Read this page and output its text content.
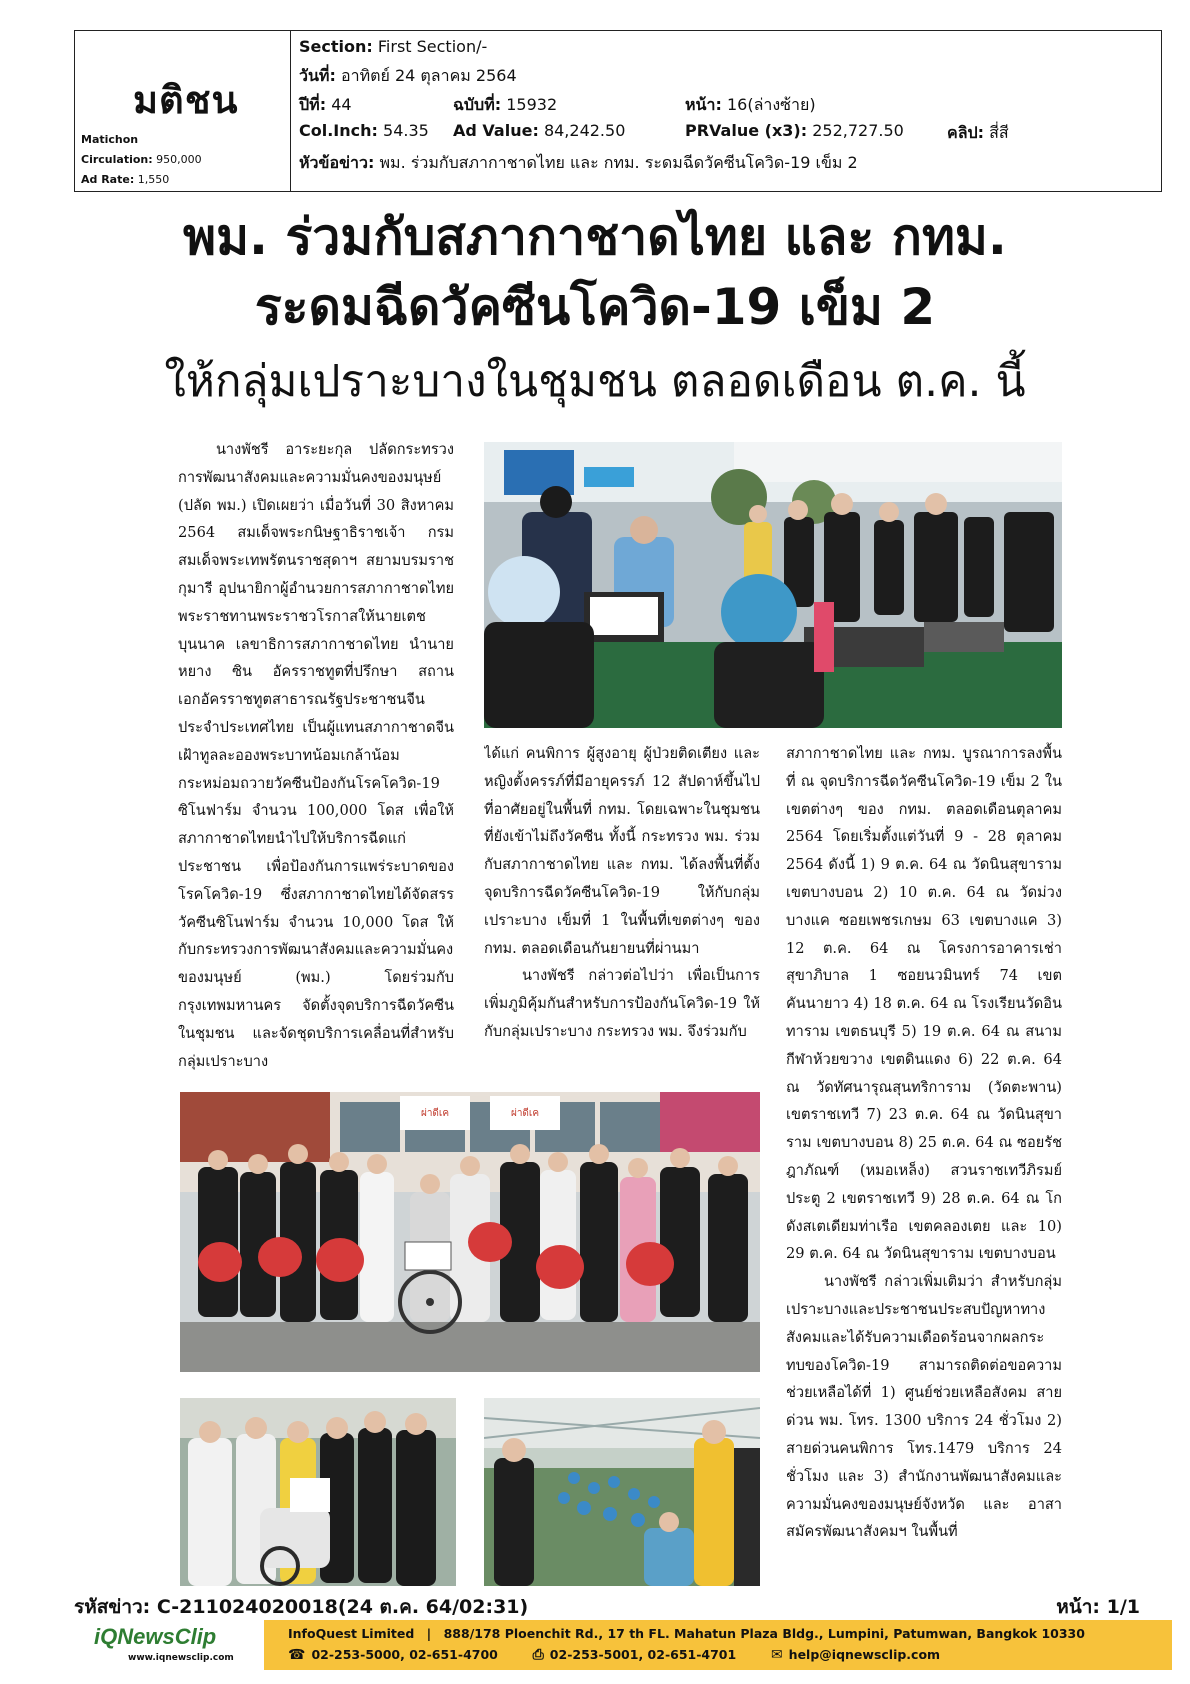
มติชน
Matichon
Circulation: 950,000
Ad Rate: 1,550
Section: First Section/-
วันที่: อาทิตย์ 24 ตุลาคม 2564
ปีที่: 44	ฉบับที่: 15932	หน้า: 16(ล่างซ้าย)
Col.Inch: 54.35 Ad Value: 84,242.50	PRValue (x3): 252,727.50	คลิป: สี่สี
หัวข้อข่าว: พม. ร่วมกับสภากาชาดไทย และ กทม. ระดมฉีดวัคซีนโควิด-19 เข็ม 2
พม. ร่วมกับสภากาชาดไทย และ กทม.
ระดมฉีดวัคซีนโควิด-19 เข็ม 2
ให้กลุ่มเปราะบางในชุมชน ตลอดเดือน ต.ค. นี้

นางพัชรี อาระยะกุล ปลัดกระทรวงการพัฒนาสังคมและความมั่นคงของมนุษย์ (ปลัด พม.) เปิดเผยว่า เมื่อวันที่ 30 สิงหาคม 2564 สมเด็จพระกนิษฐาธิราชเจ้า กรมสมเด็จพระเทพรัตนราชสุดาฯ สยามบรมราชกุมารี อุปนายิกาผู้อำนวยการสภากาชาดไทย พระราชทานพระราชวโรกาสให้นายเตช บุนนาค เลขาธิการสภากาชาดไทย นำนายหยาง ซิน อัครราชทูตที่ปรึกษา สถานเอกอัครราชทูตสาธารณรัฐประชาชนจีนประจำประเทศไทย เป็นผู้แทนสภากาชาดจีน เฝ้าทูลละอองพระบาทน้อมเกล้าน้อมกระหม่อมถวายวัคซีนป้องกันโรคโควิด-19 ซิโนฟาร์ม จำนวน 100,000 โดส เพื่อให้สภากาชาดไทยนำไปให้บริการฉีดแก่ประชาชน เพื่อป้องกันการแพร่ระบาดของโรคโควิด-19 ซึ่งสภากาชาดไทยได้จัดสรรวัคซีนซิโนฟาร์ม จำนวน 10,000 โดส ให้กับกระทรวงการพัฒนาสังคมและความมั่นคงของมนุษย์ (พม.) โดยร่วมกับกรุงเทพมหานคร จัดตั้งจุดบริการฉีดวัคซีนในชุมชน และจัดชุดบริการเคลื่อนที่สำหรับกลุ่มเปราะบาง

ได้แก่ คนพิการ ผู้สูงอายุ ผู้ป่วยติดเตียง และหญิงตั้งครรภ์ที่มีอายุครรภ์ 12 สัปดาห์ขึ้นไป ที่อาศัยอยู่ในพื้นที่ กทม. โดยเฉพาะในชุมชนที่ยังเข้าไม่ถึงวัคซีน ทั้งนี้ กระทรวง พม. ร่วมกับสภากาชาดไทย และ กทม. ได้ลงพื้นที่ตั้งจุดบริการฉีดวัคซีนโควิด-19 ให้กับกลุ่มเปราะบาง เข็มที่ 1 ในพื้นที่เขตต่างๆ ของ กทม. ตลอดเดือนกันยายนที่ผ่านมา

นางพัชรี กล่าวต่อไปว่า เพื่อเป็นการเพิ่มภูมิคุ้มกันสำหรับการป้องกันโควิด-19 ให้กับกลุ่มเปราะบาง กระทรวง พม. จึงร่วมกับ

สภากาชาดไทย และ กทม. บูรณาการลงพื้นที่ ณ จุดบริการฉีดวัคซีนโควิด-19 เข็ม 2 ในเขตต่างๆ ของ กทม. ตลอดเดือนตุลาคม 2564 โดยเริ่มตั้งแต่วันที่ 9 - 28 ตุลาคม 2564 ดังนี้ 1) 9 ต.ค. 64 ณ วัดนินสุขาราม เขตบางบอน 2) 10 ต.ค. 64 ณ วัดม่วง บางแค ซอยเพชรเกษม 63 เขตบางแค 3) 12 ต.ค. 64 ณ โครงการอาคารเช่าสุขาภิบาล 1 ซอยนวมินทร์ 74 เขตคันนายาว 4) 18 ต.ค. 64 ณ โรงเรียนวัดอินทาราม เขตธนบุรี 5) 19 ต.ค. 64 ณ สนามกีฬาห้วยขวาง เขตดินแดง 6) 22 ต.ค. 64 ณ วัดทัศนารุณสุนทริการาม (วัดตะพาน) เขตราชเทวี 7) 23 ต.ค. 64 ณ วัดนินสุขาราม เขตบางบอน 8) 25 ต.ค. 64 ณ ซอยรัชฎาภัณฑ์ (หมอเหล็ง) สวนราชเทวีภิรมย์ประตู 2 เขตราชเทวี 9) 28 ต.ค. 64 ณ โกดังสเตเดียมท่าเรือ เขตคลองเตย และ 10) 29 ต.ค. 64 ณ วัดนินสุขาราม เขตบางบอน

นางพัชรี กล่าวเพิ่มเติมว่า สำหรับกลุ่มเปราะบางและประชาชนประสบปัญหาทางสังคมและได้รับความเดือดร้อนจากผลกระทบของโควิด-19 สามารถติดต่อขอความช่วยเหลือได้ที่ 1) ศูนย์ช่วยเหลือสังคม สายด่วน พม. โทร. 1300 บริการ 24 ชั่วโมง 2) สายด่วนคนพิการ โทร.1479 บริการ 24 ชั่วโมง และ 3) สำนักงานพัฒนาสังคมและความมั่นคงของมนุษย์จังหวัด และ อาสาสมัครพัฒนาสังคมฯ ในพื้นที่

ผ่าดีเค	ผ่าดีเค
รหัสข่าว: C-211024020018(24 ต.ค. 64/02:31)	หน้า: 1/1
iQNewsClip
www.iqnewsclip.com
InfoQuest Limited | 888/178 Ploenchit Rd., 17 th FL. Mahatun Plaza Bldg., Lumpini, Patumwan, Bangkok 10330
☎ 02-253-5000, 02-651-4700 ⎙ 02-253-5001, 02-651-4701 ✉ help@iqnewsclip.com
